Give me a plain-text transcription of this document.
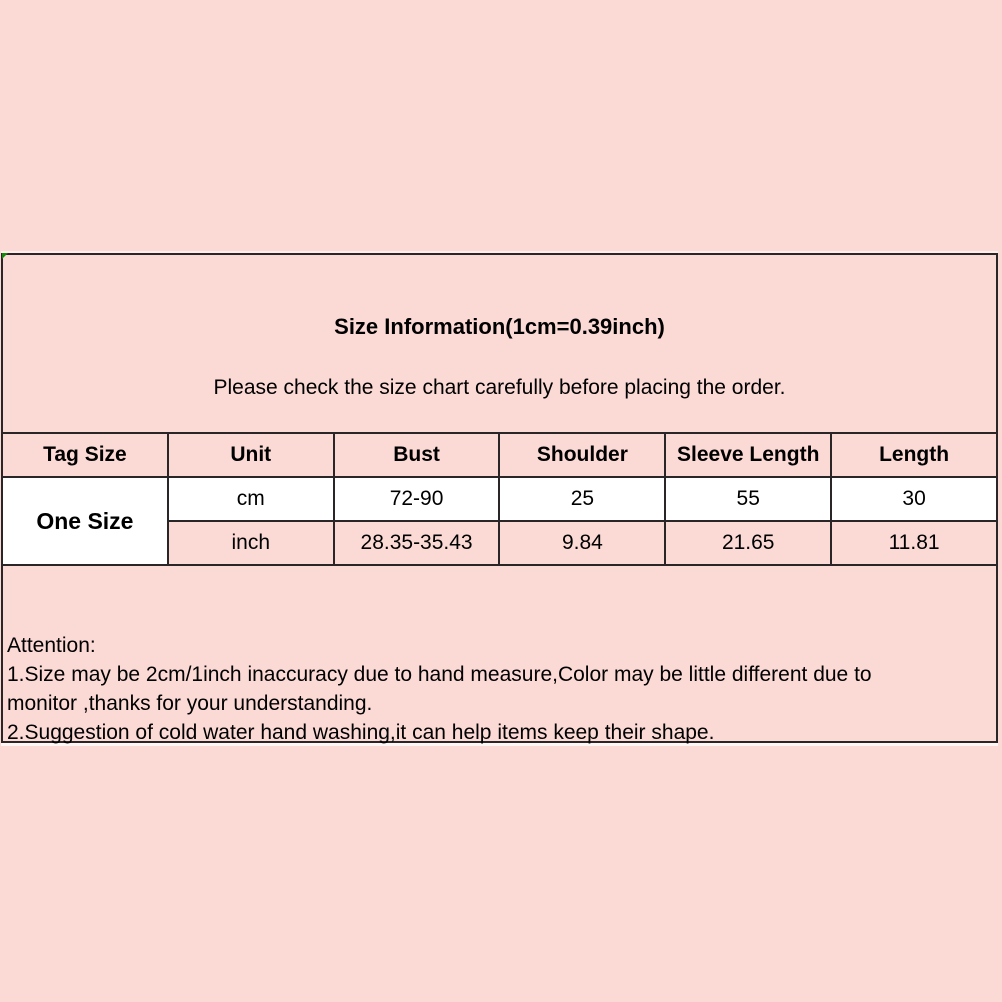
Size Information(1cm=0.39inch)
Please check the size chart carefully before placing the order.
Tag Size	Unit	Bust	Shoulder	Sleeve Length	Length
One Size	cm	72-90	25	55	30
	inch	28.35-35.43	9.84	21.65	11.81
Attention:
1.Size may be 2cm/1inch inaccuracy due to hand measure,Color may be little different due to
monitor ,thanks for your understanding.
2.Suggestion of cold water hand washing,it can help items keep their shape.
